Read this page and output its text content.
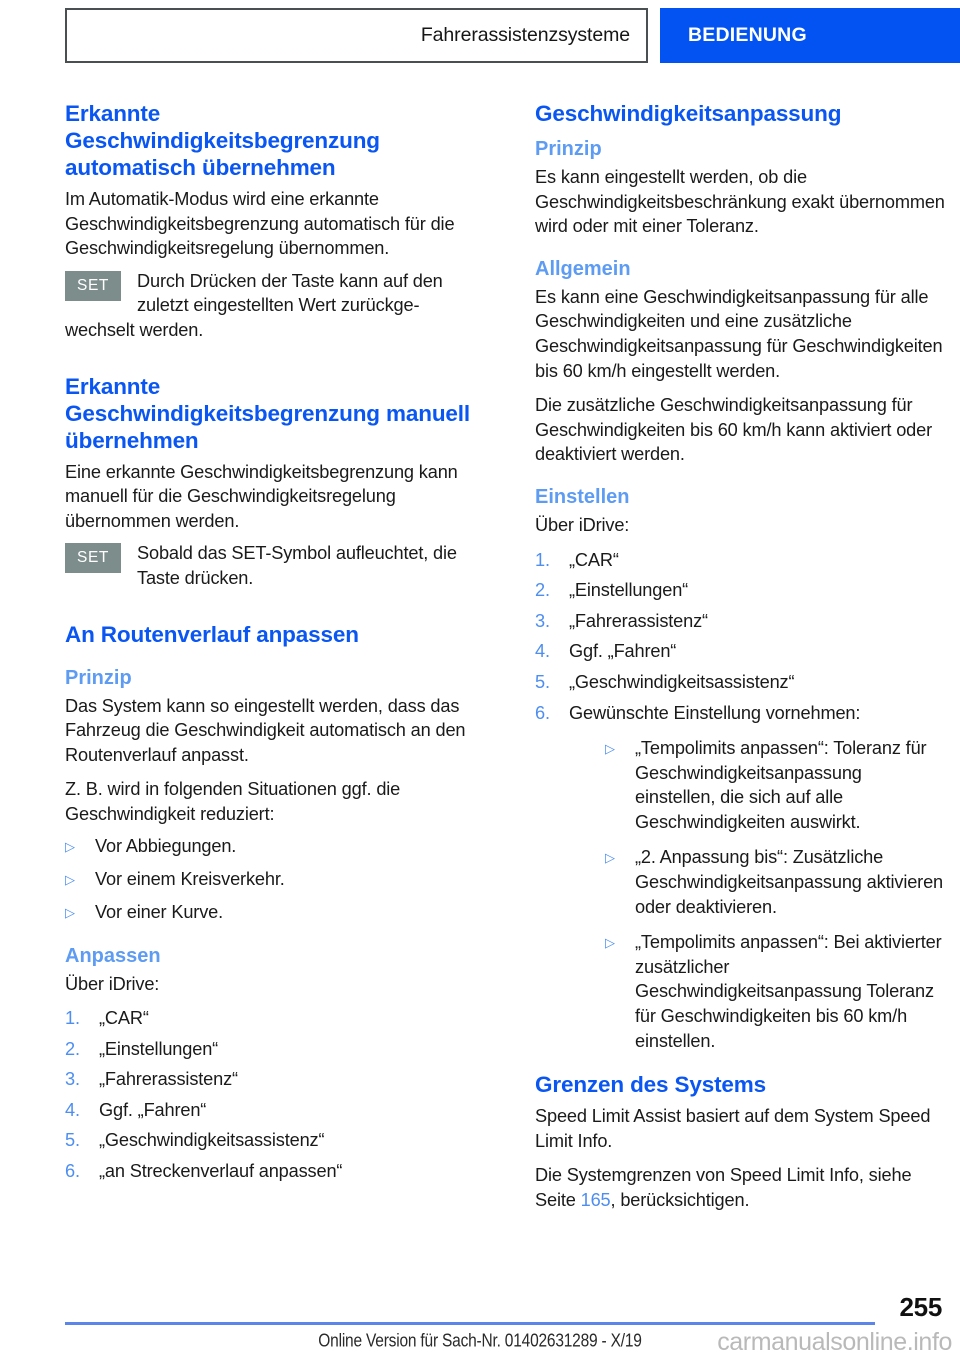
Fahrerassistenzsysteme	BEDIENUNG
Erkannte Geschwindigkeitsbegrenzung automatisch übernehmen

Im Automatik-Modus wird eine erkannte Geschwindigkeitsbegrenzung automatisch für die Geschwindigkeitsregelung übernommen.

SET	Durch Drücken der Taste kann auf den zuletzt eingestellten Wert zurückge-
wechselt werden.
Erkannte Geschwindigkeitsbegrenzung manuell übernehmen

Eine erkannte Geschwindigkeitsbegrenzung kann manuell für die Geschwindigkeitsregelung übernommen werden.

SET	Sobald das SET-Symbol aufleuchtet, die Taste drücken.
An Routenverlauf anpassen
Prinzip

Das System kann so eingestellt werden, dass das Fahrzeug die Geschwindigkeit automatisch an den Routenverlauf anpasst.

Z. B. wird in folgenden Situationen ggf. die Geschwindigkeit reduziert:

▷	Vor Abbiegungen.
▷	Vor einem Kreisverkehr.
▷	Vor einer Kurve.
Anpassen

Über iDrive:

1.	„CAR“
2.	„Einstellungen“
3.	„Fahrerassistenz“
4.	Ggf. „Fahren“
5.	„Geschwindigkeitsassistenz“
6.	„an Streckenverlauf anpassen“
Geschwindigkeitsanpassung
Prinzip

Es kann eingestellt werden, ob die Geschwindigkeitsbeschränkung exakt übernommen wird oder mit einer Toleranz.

Allgemein

Es kann eine Geschwindigkeitsanpassung für alle Geschwindigkeiten und eine zusätzliche Geschwindigkeitsanpassung für Geschwindigkeiten bis 60 km/h eingestellt werden.

Die zusätzliche Geschwindigkeitsanpassung für Geschwindigkeiten bis 60 km/h kann aktiviert oder deaktiviert werden.

Einstellen

Über iDrive:

1.	„CAR“
2.	„Einstellungen“
3.	„Fahrerassistenz“
4.	Ggf. „Fahren“
5.	„Geschwindigkeitsassistenz“
6.	Gewünschte Einstellung vornehmen:
▷	„Tempolimits anpassen“: Toleranz für Geschwindigkeitsanpassung einstellen, die sich auf alle Geschwindigkeiten auswirkt.
▷	„2. Anpassung bis“: Zusätzliche Geschwindigkeitsanpassung aktivieren oder deaktivieren.
▷	„Tempolimits anpassen“: Bei aktivierter zusätzlicher Geschwindigkeitsanpassung Toleranz für Geschwindigkeiten bis 60 km/h einstellen.
Grenzen des Systems

Speed Limit Assist basiert auf dem System Speed Limit Info.

Die Systemgrenzen von Speed Limit Info, siehe Seite 165, berücksichtigen.

255
Online Version für Sach-Nr. 01402631289 - X/19	carmanualsonline.info
